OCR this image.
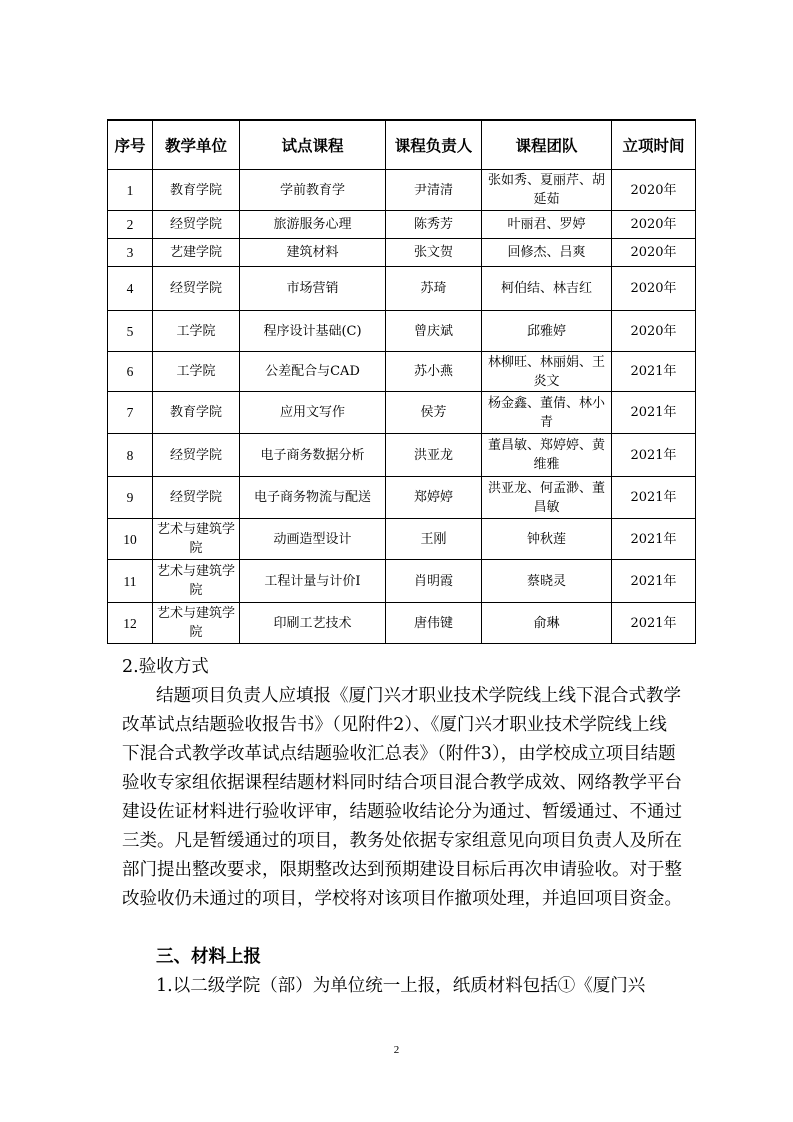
序号	教学单位	试点课程	课程负责人	课程团队	立项时间
1	教育学院	学前教育学	尹清清	张如秀、夏丽芹、胡延茹	2020年
2	经贸学院	旅游服务心理	陈秀芳	叶丽君、罗婷	2020年
3	艺建学院	建筑材料	张文贺	回修杰、吕爽	2020年
4	经贸学院	市场营销	苏琦	柯伯结、林吉红	2020年
5	工学院	程序设计基础(C)	曾庆斌	邱雅婷	2020年
6	工学院	公差配合与CAD	苏小燕	林柳旺、林丽娟、王炎文	2021年
7	教育学院	应用文写作	侯芳	杨金鑫、董倩、林小青	2021年
8	经贸学院	电子商务数据分析	洪亚龙	董昌敏、郑婷婷、黄维雅	2021年
9	经贸学院	电子商务物流与配送	郑婷婷	洪亚龙、何孟渺、董昌敏	2021年
10	艺术与建筑学院	动画造型设计	王刚	钟秋莲	2021年
11	艺术与建筑学院	工程计量与计价Ⅰ	肖明霞	蔡晓灵	2021年
12	艺术与建筑学院	印刷工艺技术	唐伟键	俞琳	2021年
2.验收方式
结题项目负责人应填报《厦门兴才职业技术学院线上线下混合式教学改革试点结题验收报告书》（见附件2）、《厦门兴才职业技术学院线上线下混合式教学改革试点结题验收汇总表》（附件3），由学校成立项目结题验收专家组依据课程结题材料同时结合项目混合教学成效、网络教学平台建设佐证材料进行验收评审，结题验收结论分为通过、暂缓通过、不通过三类。凡是暂缓通过的项目，教务处依据专家组意见向项目负责人及所在部门提出整改要求，限期整改达到预期建设目标后再次申请验收。对于整改验收仍未通过的项目，学校将对该项目作撤项处理，并追回项目资金。
三、材料上报
1.以二级学院（部）为单位统一上报，纸质材料包括①《厦门兴
2
